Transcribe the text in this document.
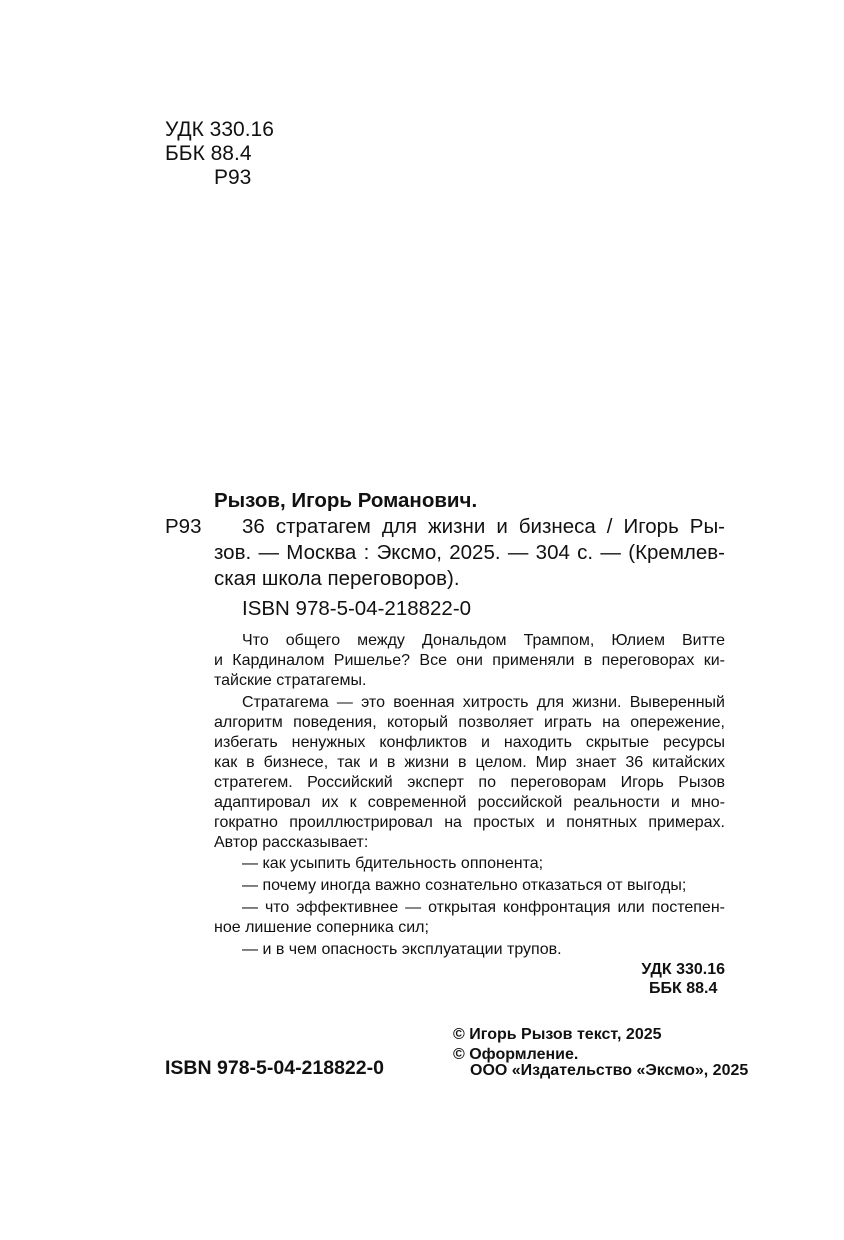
УДК 330.16
ББК 88.4
Р93
Рызов, Игорь Романович.
Р93 36 стратагем для жизни и бизнеса / Игорь Ры-
зов. — Москва : Эксмо, 2025. — 304 с. — (Кремлев-
ская школа переговоров).
ISBN 978-5-04-218822-0
Что общего между Дональдом Трампом, Юлием Витте
и Кардиналом Ришелье? Все они применяли в переговорах ки-
тайские стратагемы.
Стратагема — это военная хитрость для жизни. Выверенный
алгоритм поведения, который позволяет играть на опережение,
избегать ненужных конфликтов и находить скрытые ресурсы
как в бизнесе, так и в жизни в целом. Мир знает 36 китайских
стратегем. Российский эксперт по переговорам Игорь Рызов
адаптировал их к современной российской реальности и мно-
гократно проиллюстрировал на простых и понятных примерах.
Автор рассказывает:
— как усыпить бдительность оппонента;
— почему иногда важно сознательно отказаться от выгоды;
— что эффективнее — открытая конфронтация или постепен-
ное лишение соперника сил;
— и в чем опасность эксплуатации трупов.
УДК 330.16
ББК 88.4
ISBN 978-5-04-218822-0
© Игорь Рызов текст, 2025
© Оформление.
ООО «Издательство «Эксмо», 2025
